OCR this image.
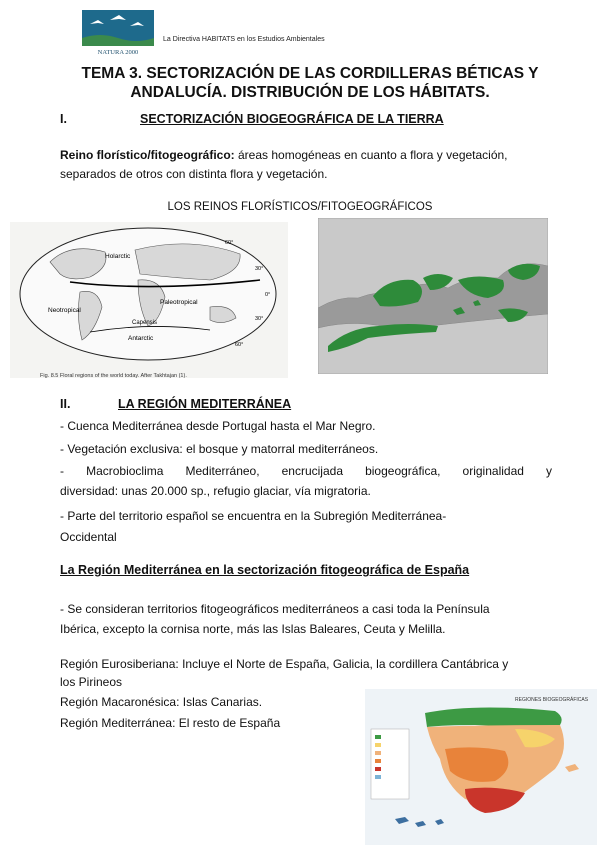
NATURA 2000
La Directiva HABITATS en los Estudios Ambientales
TEMA 3. SECTORIZACIÓN DE LAS CORDILLERAS BÉTICAS Y
ANDALUCÍA. DISTRIBUCIÓN DE LOS HÁBITATS.
I.	SECTORIZACIÓN BIOGEOGRÁFICA DE LA TIERRA
Reino florístico/fitogeográfico: áreas homogéneas en cuanto a flora y vegetación,
separados de otros con distinta flora y vegetación.
LOS REINOS FLORÍSTICOS/FITOGEOGRÁFICOS
Holarctic
Paleotropical
Neotropical
Capensis
Antarctic
30°
0°
30°
60°
60°
Fig. 8.5 Floral regions of the world today. After Takhtajan (1).
II.	LA REGIÓN MEDITERRÁNEA
- Cuenca Mediterránea desde Portugal hasta el Mar Negro.
- Vegetación exclusiva: el bosque y matorral mediterráneos.
- Macrobioclima Mediterráneo, encrucijada biogeográfica, originalidad y
diversidad: unas 20.000 sp., refugio glaciar, vía migratoria.
- Parte del territorio español se encuentra en la Subregión Mediterránea-
Occidental
La Región Mediterránea en la sectorización fitogeográfica de España
- Se consideran territorios fitogeográficos mediterráneos a casi toda la Península
Ibérica, excepto la cornisa norte, más las Islas Baleares, Ceuta y Melilla.
Región Eurosiberiana: Incluye el Norte de España, Galicia, la cordillera Cantábrica y
los Pirineos
Región Macaronésica: Islas Canarias.
Región Mediterránea: El resto de España
REGIONES BIOGEOGRÁFICAS
